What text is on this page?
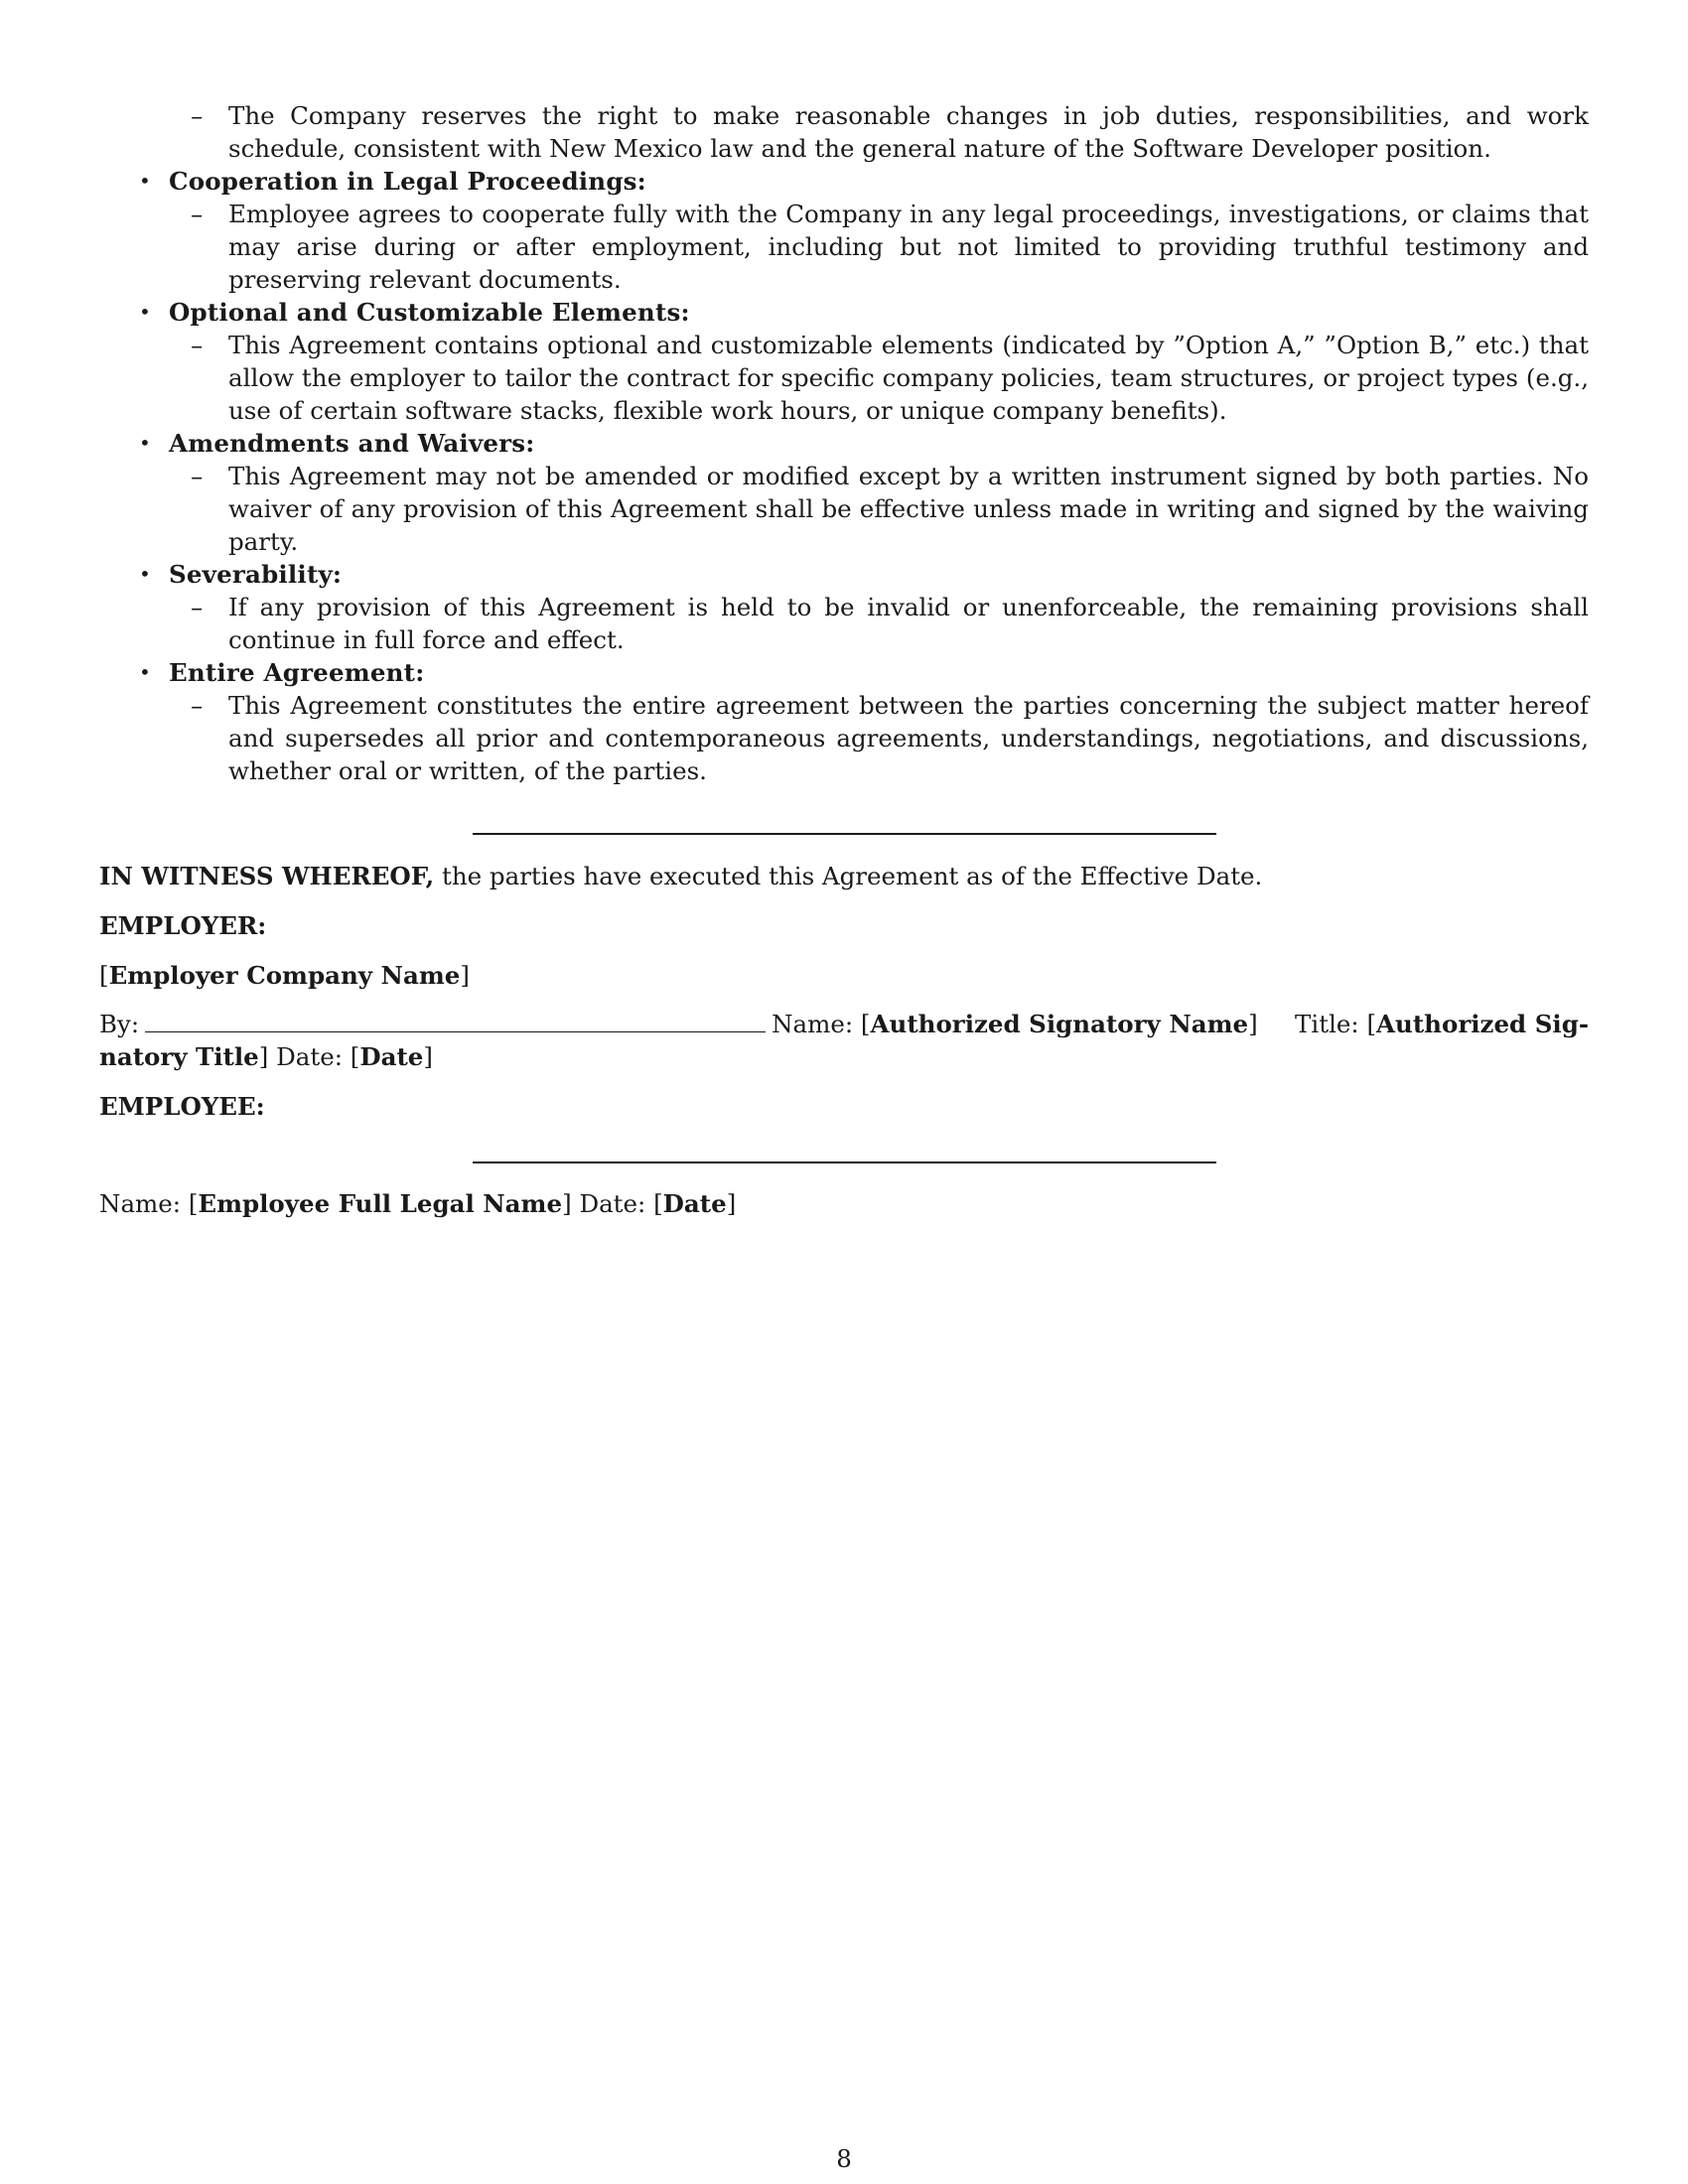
–	The Company reserves the right to make reasonable changes in job duties, responsibilities, and work schedule, consistent with New Mexico law and the general nature of the Software Developer position.
• Cooperation in Legal Proceedings:
–	Employee agrees to cooperate fully with the Company in any legal proceedings, investigations, or claims that may arise during or after employment, including but not limited to providing truthful testimony and preserving relevant documents.
• Optional and Customizable Elements:
–	This Agreement contains optional and customizable elements (indicated by ”Option A,” ”Option B,” etc.) that allow the employer to tailor the contract for specific company policies, team structures, or project types (e.g., use of certain software stacks, flexible work hours, or unique company benefits).
• Amendments and Waivers:
–	This Agreement may not be amended or modified except by a written instrument signed by both parties. No waiver of any provision of this Agreement shall be effective unless made in writing and signed by the waiving party.
• Severability:
–	If any provision of this Agreement is held to be invalid or unenforceable, the remaining provisions shall continue in full force and effect.
• Entire Agreement:
–	This Agreement constitutes the entire agreement between the parties concerning the subject matter hereof and supersedes all prior and contemporaneous agreements, understandings, negotiations, and discussions, whether oral or written, of the parties.
IN WITNESS WHEREOF, the parties have executed this Agreement as of the Effective Date.
EMPLOYER:
[Employer Company Name]
By:	Name: [Authorized Signatory Name] Title: [Authorized Sig-
natory Title] Date: [Date]
EMPLOYEE:
Name: [Employee Full Legal Name] Date: [Date]
8
